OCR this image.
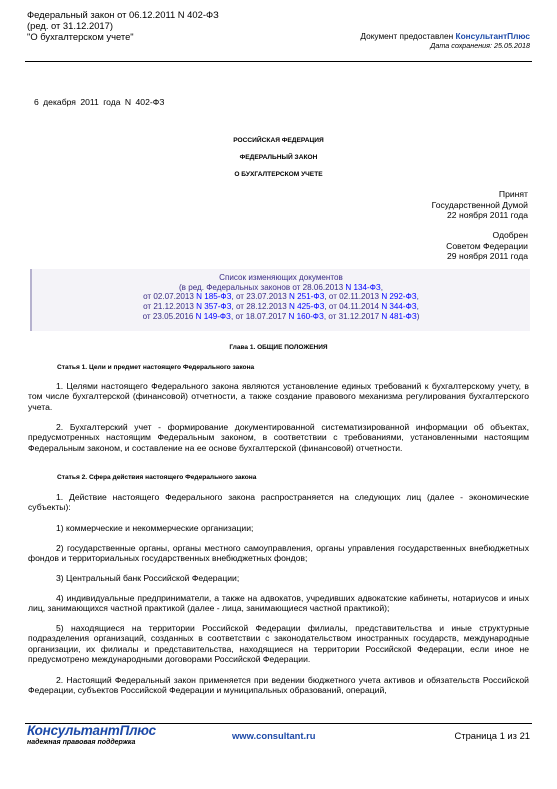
Федеральный закон от 06.12.2011 N 402-ФЗ
(ред. от 31.12.2017)
"О бухгалтерском учете"	Документ предоставлен КонсультантПлюс
Дата сохранения: 25.05.2018
6 декабря 2011 года N 402-ФЗ
РОССИЙСКАЯ ФЕДЕРАЦИЯ
ФЕДЕРАЛЬНЫЙ ЗАКОН
О БУХГАЛТЕРСКОМ УЧЕТЕ
Принят
Государственной Думой
22 ноября 2011 года
Одобрен
Советом Федерации
29 ноября 2011 года
Список изменяющих документов
(в ред. Федеральных законов от 28.06.2013 N 134-ФЗ,
от 02.07.2013 N 185-ФЗ, от 23.07.2013 N 251-ФЗ, от 02.11.2013 N 292-ФЗ,
от 21.12.2013 N 357-ФЗ, от 28.12.2013 N 425-ФЗ, от 04.11.2014 N 344-ФЗ,
от 23.05.2016 N 149-ФЗ, от 18.07.2017 N 160-ФЗ, от 31.12.2017 N 481-ФЗ)
Глава 1. ОБЩИЕ ПОЛОЖЕНИЯ
Статья 1. Цели и предмет настоящего Федерального закона
1. Целями настоящего Федерального закона являются установление единых требований к бухгалтерскому учету, в том числе бухгалтерской (финансовой) отчетности, а также создание правового механизма регулирования бухгалтерского учета.
2. Бухгалтерский учет - формирование документированной систематизированной информации об объектах, предусмотренных настоящим Федеральным законом, в соответствии с требованиями, установленными настоящим Федеральным законом, и составление на ее основе бухгалтерской (финансовой) отчетности.
Статья 2. Сфера действия настоящего Федерального закона
1. Действие настоящего Федерального закона распространяется на следующих лиц (далее - экономические субъекты):
1) коммерческие и некоммерческие организации;
2) государственные органы, органы местного самоуправления, органы управления государственных внебюджетных фондов и территориальных государственных внебюджетных фондов;
3) Центральный банк Российской Федерации;
4) индивидуальные предприниматели, а также на адвокатов, учредивших адвокатские кабинеты, нотариусов и иных лиц, занимающихся частной практикой (далее - лица, занимающиеся частной практикой);
5) находящиеся на территории Российской Федерации филиалы, представительства и иные структурные подразделения организаций, созданных в соответствии с законодательством иностранных государств, международные организации, их филиалы и представительства, находящиеся на территории Российской Федерации, если иное не предусмотрено международными договорами Российской Федерации.
2. Настоящий Федеральный закон применяется при ведении бюджетного учета активов и обязательств Российской Федерации, субъектов Российской Федерации и муниципальных образований, операций,
КонсультантПлюс
надежная правовая поддержка
www.consultant.ru	Страница 1 из 21
